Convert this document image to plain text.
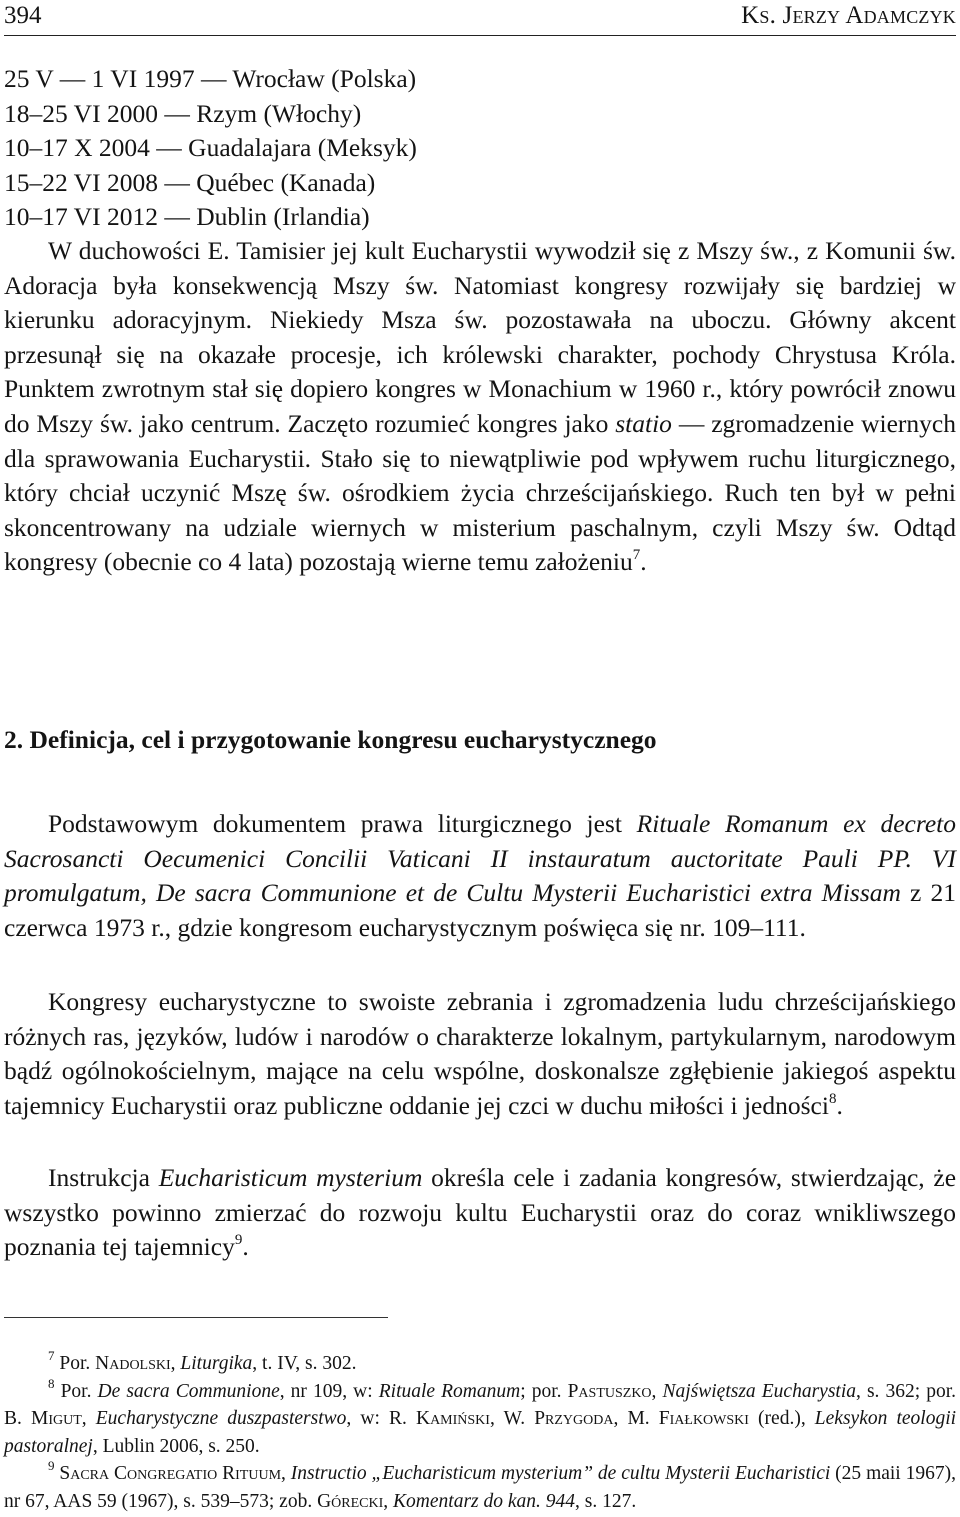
394	Ks. Jerzy Adamczyk
25 V — 1 VI 1997 — Wrocław (Polska)
18–25 VI 2000 — Rzym (Włochy)
10–17 X 2004 — Guadalajara (Meksyk)
15–22 VI 2008 — Québec (Kanada)
10–17 VI 2012 — Dublin (Irlandia)

W duchowości E. Tamisier jej kult Eucharystii wywodził się z Mszy św., z Komunii św. Adoracja była konsekwencją Mszy św. Natomiast kongresy rozwijały się bardziej w kierunku adoracyjnym. Niekiedy Msza św. pozostawała na uboczu. Główny akcent przesunął się na okazałe procesje, ich królewski charakter, pochody Chrystusa Króla. Punktem zwrotnym stał się dopiero kongres w Monachium w 1960 r., który powrócił znowu do Mszy św. jako centrum. Zaczęto rozumieć kongres jako statio — zgromadzenie wiernych dla sprawowania Eucharystii. Stało się to niewątpliwie pod wpływem ruchu liturgicznego, który chciał uczynić Mszę św. ośrodkiem życia chrześcijańskiego. Ruch ten był w pełni skoncentrowany na udziale wiernych w misterium paschalnym, czyli Mszy św. Odtąd kongresy (obecnie co 4 lata) pozostają wierne temu założeniu$^7$.

2. Definicja, cel i przygotowanie kongresu eucharystycznego

Podstawowym dokumentem prawa liturgicznego jest Rituale Romanum ex decreto Sacrosancti Oecumenici Concilii Vaticani II instauratum auctoritate Pauli PP. VI promulgatum, De sacra Communione et de Cultu Mysterii Eucharistici extra Missam z 21 czerwca 1973 r., gdzie kongresom eucharystycznym poświęca się nr. 109–111.

Kongresy eucharystyczne to swoiste zebrania i zgromadzenia ludu chrześcijańskiego różnych ras, języków, ludów i narodów o charakterze lokalnym, partykularnym, narodowym bądź ogólnokościelnym, mające na celu wspólne, doskonalsze zgłębienie jakiegoś aspektu tajemnicy Eucharystii oraz publiczne oddanie jej czci w duchu miłości i jedności$^8$.

Instrukcja Eucharisticum mysterium określa cele i zadania kongresów, stwierdzając, że wszystko powinno zmierzać do rozwoju kultu Eucharystii oraz do coraz wnikliwszego poznania tej tajemnicy$^9$.

$^7$ Por. Nadolski, Liturgika, t. IV, s. 302.

$^8$ Por. De sacra Communione, nr 109, w: Rituale Romanum; por. Pastuszko, Najświętsza Eucharystia, s. 362; por. B. Migut, Eucharystyczne duszpasterstwo, w: R. Kamiński, W. Przygoda, M. Fiałkowski (red.), Leksykon teologii pastoralnej, Lublin 2006, s. 250.

$^9$ Sacra Congregatio Rituum, Instructio „Eucharisticum mysterium” de cultu Mysterii Eucharistici (25 maii 1967), nr 67, AAS 59 (1967), s. 539–573; zob. Górecki, Komentarz do kan. 944, s. 127.
